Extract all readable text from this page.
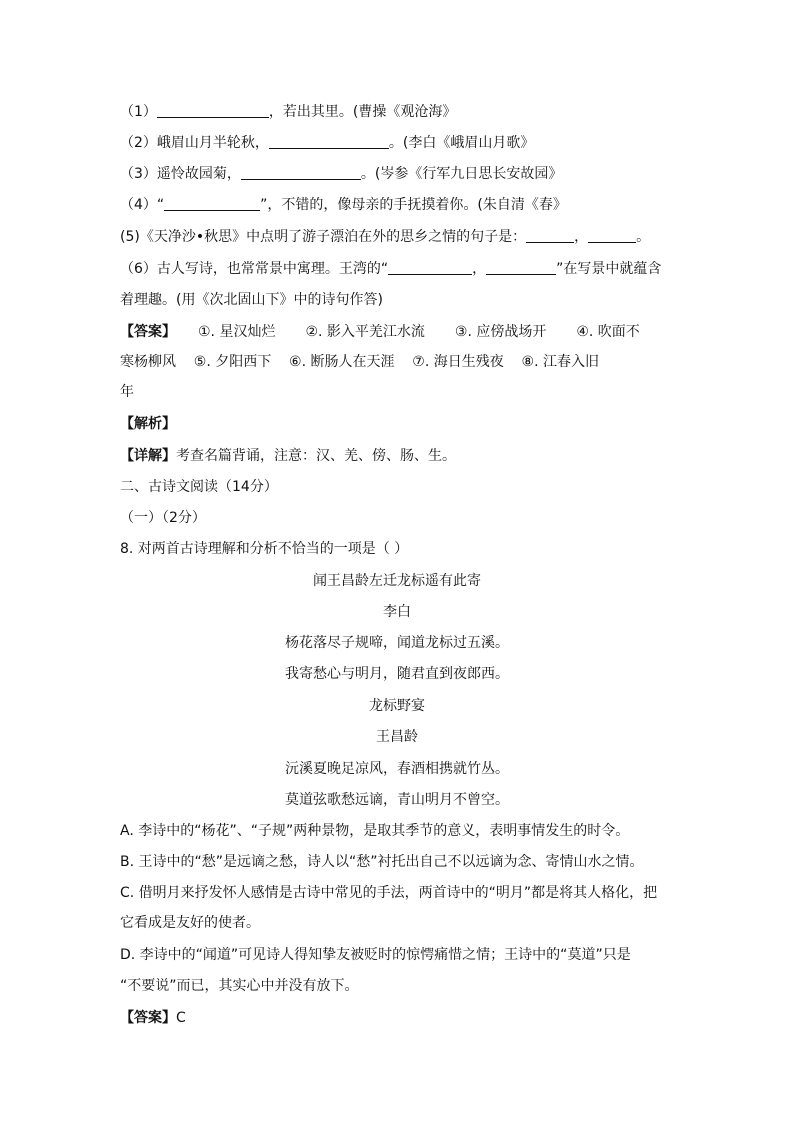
（1）	，若出其里。(曹操《观沧海》
（2）峨眉山月半轮秋，	。(李白《峨眉山月歌》
（3）遥怜故园菊，	。(岑参《行军九日思长安故园》
（4）“	”，不错的，像母亲的手抚摸着你。(朱自清《春》
(5)《天净沙•秋思》中点明了游子漂泊在外的思乡之情的句子是：	，	。
（6）古人写诗，也常常景中寓理。王湾的“	，	”在写景中就蕴含
着理趣。(用《次北固山下》中的诗句作答)
【答案】 ①. 星汉灿烂 ②. 影入平羌江水流 ③. 应傍战场开 ④. 吹面不
寒杨柳风    ⑤. 夕阳西下    ⑥. 断肠人在天涯    ⑦. 海日生残夜    ⑧. 江春入旧
年
【解析】
【详解】考查名篇背诵，注意：汉、羌、傍、肠、生。
二、古诗文阅读（14分）
（一）（2分）
8. 对两首古诗理解和分析不恰当的一项是（ ）
闻王昌龄左迁龙标遥有此寄
李白
杨花落尽子规啼，闻道龙标过五溪。
我寄愁心与明月，随君直到夜郎西。
龙标野宴
王昌龄
沅溪夏晚足凉风，春酒相携就竹丛。
莫道弦歌愁远谪，青山明月不曾空。
A. 李诗中的“杨花”、“子规”两种景物，是取其季节的意义，表明事情发生的时令。
B. 王诗中的“愁”是远谪之愁，诗人以“愁”衬托出自己不以远谪为念、寄情山水之情。
C. 借明月来抒发怀人感情是古诗中常见的手法，两首诗中的“明月”都是将其人格化，把
它看成是友好的使者。
D. 李诗中的“闻道”可见诗人得知挚友被贬时的惊愕痛惜之情；王诗中的“莫道”只是
“不要说”而已，其实心中并没有放下。
【答案】C
